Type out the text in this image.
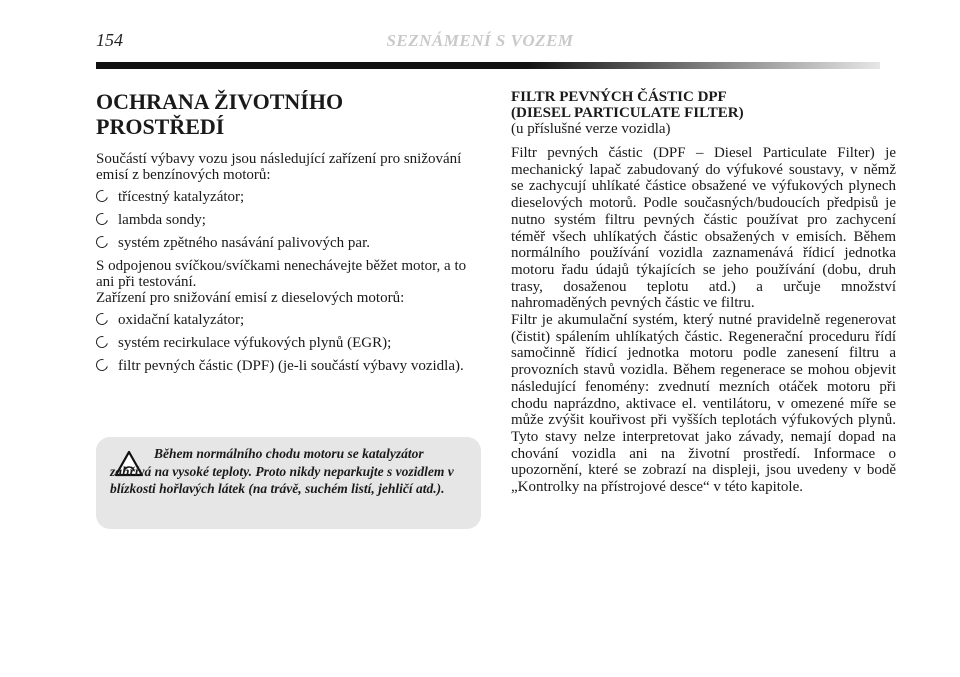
154	SEZNÁMENÍ S VOZEM
OCHRANA ŽIVOTNÍHO
PROSTŘEDÍ

Součástí výbavy vozu jsou následující zařízení pro snižování emisí z benzínových motorů:

třícestný katalyzátor;
lambda sondy;
systém zpětného nasávání palivových par.

S odpojenou svíčkou/svíčkami nenechávejte běžet motor, a to ani při testování.

Zařízení pro snižování emisí z dieselových motorů:

oxidační katalyzátor;
systém recirkulace výfukových plynů (EGR);
filtr pevných částic (DPF) (je-li součástí výbavy vozidla).
Během normálního chodu motoru se katalyzátor zahřívá na vysoké teploty. Proto nikdy neparkujte s vozidlem v blízkosti hořlavých látek (na trávě, suchém listí, jehličí atd.).
FILTR PEVNÝCH ČÁSTIC DPF
(DIESEL PARTICULATE FILTER)

(u příslušné verze vozidla)

Filtr pevných částic (DPF – Diesel Particulate Filter) je mechanický lapač zabudovaný do výfukové soustavy, v němž se zachycují uhlíkaté částice obsažené ve výfukových plynech dieselových motorů. Podle současných/budoucích předpisů je nutno systém filtru pevných částic používat pro zachycení téměř všech uhlíkatých částic obsažených v emisích. Během normálního používání vozidla zaznamenává řídicí jednotka motoru řadu údajů týkajících se jeho používání (dobu, druh trasy, dosaženou teplotu atd.) a určuje množství nahromaděných pevných částic ve filtru.

Filtr je akumulační systém, který nutné pravidelně regenerovat (čistit) spálením uhlíkatých částic. Regenerační proceduru řídí samočinně řídicí jednotka motoru podle zanesení filtru a provozních stavů vozidla. Během regenerace se mohou objevit následující fenomény: zvednutí mezních otáček motoru při chodu naprázdno, aktivace el. ventilátoru, v omezené míře se může zvýšit kouřivost při vyšších teplotách výfukových plynů. Tyto stavy nelze interpretovat jako závady, nemají dopad na chování vozidla ani na životní prostředí. Informace o upozornění, které se zobrazí na displeji, jsou uvedeny v bodě „Kontrolky na přístrojové desce“ v této kapitole.
